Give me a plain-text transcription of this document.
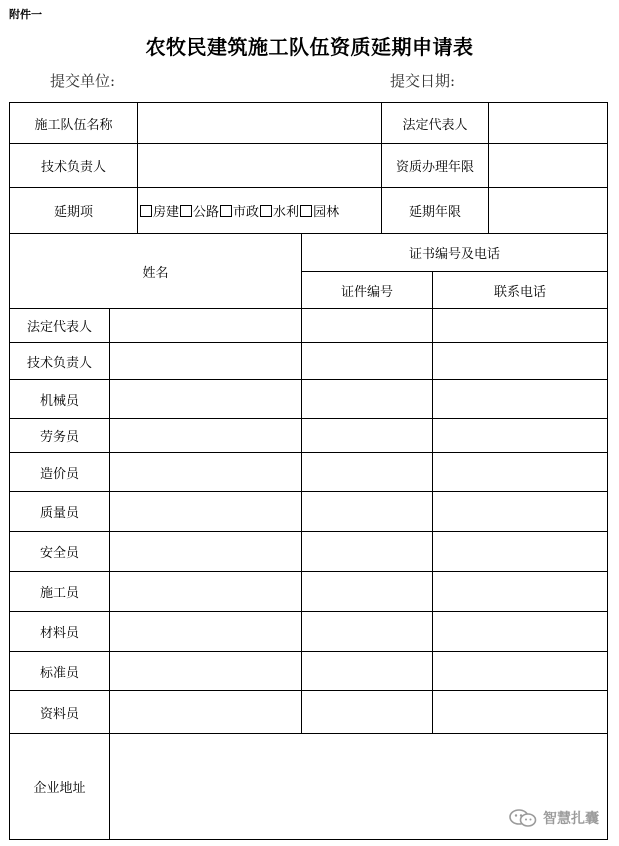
附件一
农牧民建筑施工队伍资质延期申请表
提交单位:	提交日期:
施工队伍名称	法定代表人
技术负责人	资质办理年限
延期项	房建 公路 市政 水利 园林	延期年限
姓名
证书编号及电话
证件编号	联系电话
法定代表人
技术负责人
机械员
劳务员
造价员
质量员
安全员
施工员
材料员
标准员
资料员
企业地址
智慧扎囊
